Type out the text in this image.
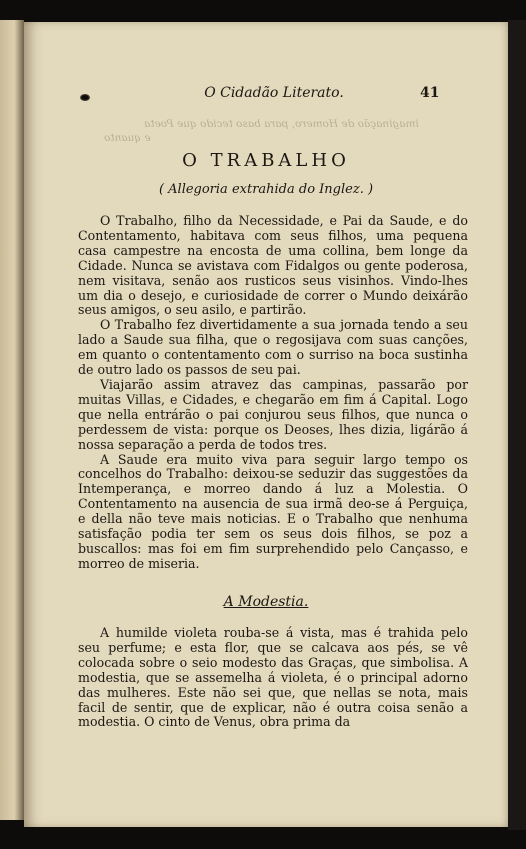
imaginação de Homero, para baso tecido que Poeta
e quanto
O Cidadão Literato.	41
O TRABALHO
( Allegoria extrahida do Inglez. )

O Trabalho, filho da Necessidade, e Pai da Saude, e do Contentamento, habitava com seus filhos, uma pequena casa campestre na encosta de uma collina, bem longe da Cidade. Nunca se avistava com Fidalgos ou gente poderosa, nem visitava, senão aos rusticos seus visinhos. Vindo-lhes um dia o desejo, e curiosidade de correr o Mundo deixárão seus amigos, o seu asilo, e partirão.

O Trabalho fez divertidamente a sua jornada tendo a seu lado a Saude sua filha, que o regosijava com suas canções, em quanto o contentamento com o surriso na boca sustinha de outro lado os passos de seu pai.

Viajarão assim atravez das campinas, passarão por muitas Villas, e Cidades, e chegarão em fim á Capital. Logo que nella entrárão o pai conjurou seus filhos, que nunca o perdessem de vista: porque os Deoses, lhes dizia, ligárão á nossa separação a perda de todos tres.

A Saude era muito viva para seguir largo tempo os concelhos do Trabalho: deixou-se seduzir das suggestões da Intemperança, e morreo dando á luz a Molestia. O Contentamento na ausencia de sua irmã deo-se á Perguiça, e della não teve mais noticias. E o Trabalho que nenhuma satisfação podia ter sem os seus dois filhos, se poz a buscallos: mas foi em fim surprehendido pelo Cançasso, e morreo de miseria.

A Modestia.

A humilde violeta rouba-se á vista, mas é trahida pelo seu perfume; e esta flor, que se calcava aos pés, se vê colocada sobre o seio modesto das Graças, que simbolisa. A modestia, que se assemelha á violeta, é o principal adorno das mulheres. Este não sei que, que nellas se nota, mais facil de sentir, que de explicar, não é outra coisa senão a modestia. O cinto de Venus, obra prima da
